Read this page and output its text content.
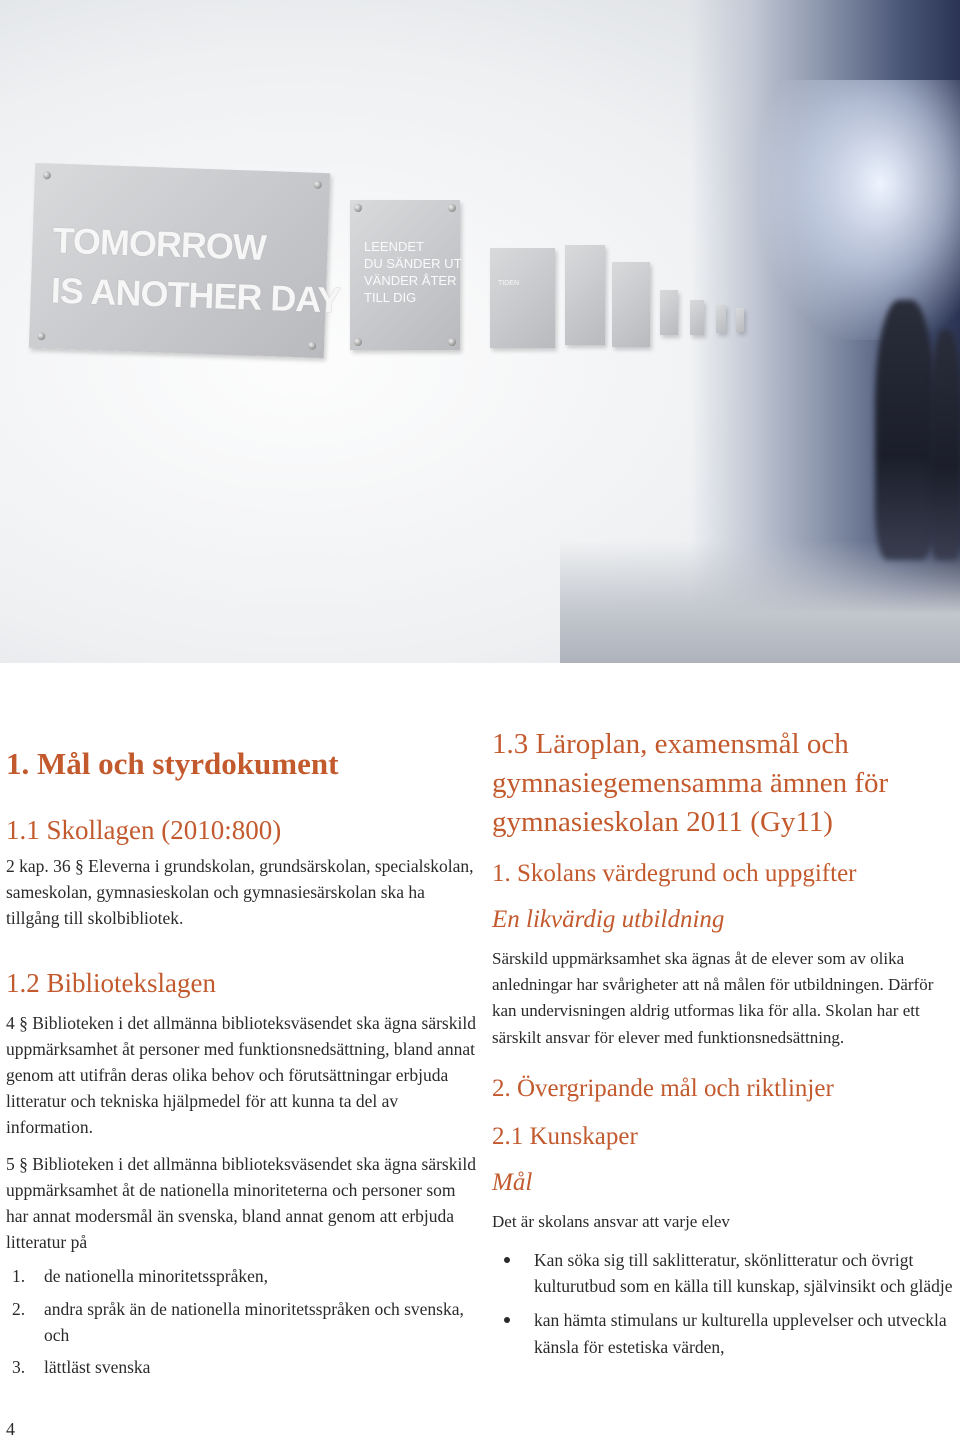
TOMORROW
IS ANOTHER DAY
LEENDET
DU SÄNDER UT
VÄNDER ÅTER
TILL DIG
TIDEN
1. Mål och styrdokument
1.1 Skollagen (2010:800)

2 kap. 36 § Eleverna i grundskolan, grundsärskolan, specialskolan, sameskolan, gymnasieskolan och gymnasiesärskolan ska ha tillgång till skolbibliotek.

1.2 Bibliotekslagen

4 § Biblioteken i det allmänna biblioteksväsendet ska ägna särskild uppmärksamhet åt personer med funktionsnedsättning, bland annat genom att utifrån deras olika behov och förutsättningar erbjuda litteratur och tekniska hjälpmedel för att kunna ta del av information.

5 § Biblioteken i det allmänna biblioteksväsendet ska ägna särskild uppmärksamhet åt de nationella minoriteterna och personer som har annat modersmål än svenska, bland annat genom att erbjuda litteratur på

1. de nationella minoritetsspråken,
2. andra språk än de nationella minoritetsspråken och svenska, och
3. lättläst svenska
4
1.3 Läroplan, examensmål och gymnasiegemensamma ämnen för gymnasieskolan 2011 (Gy11)
1. Skolans värdegrund och uppgifter
En likvärdig utbildning

Särskild uppmärksamhet ska ägnas åt de elever som av olika anledningar har svårigheter att nå målen för utbildningen. Därför kan undervisningen aldrig utformas lika för alla. Skolan har ett särskilt ansvar för elever med funktionsnedsättning.

2. Övergripande mål och riktlinjer
2.1 Kunskaper
Mål

Det är skolans ansvar att varje elev

Kan söka sig till saklitteratur, skönlitteratur och övrigt kulturutbud som en källa till kunskap, självinsikt och glädje
kan hämta stimulans ur kulturella upplevelser och utveckla känsla för estetiska värden,
